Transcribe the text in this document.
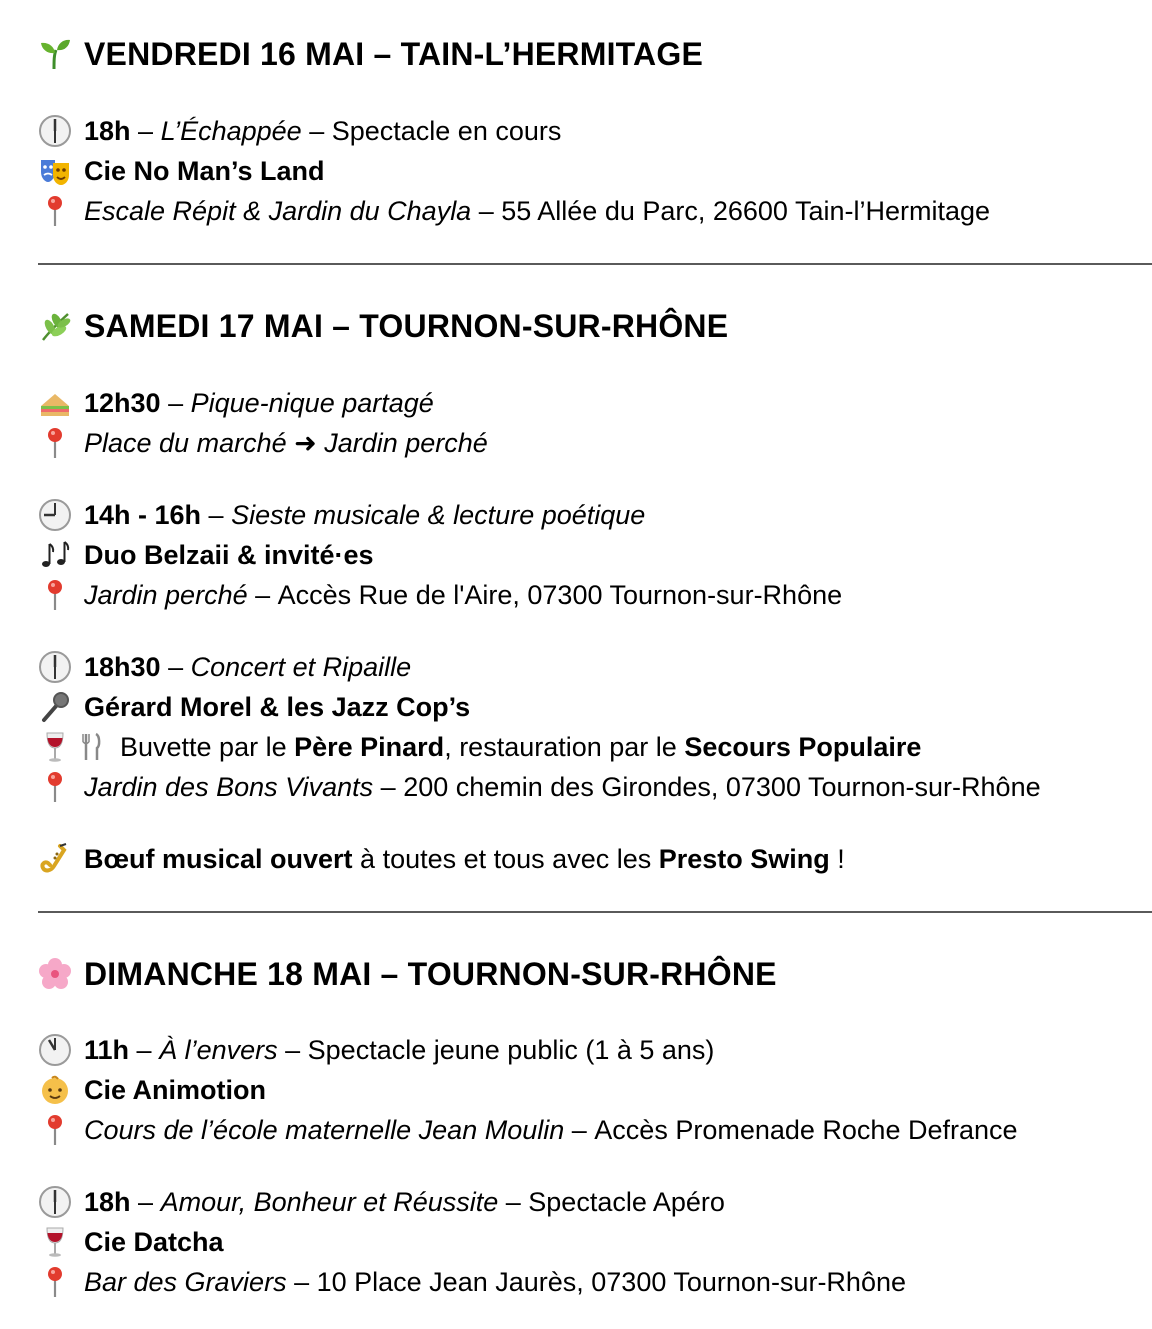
VENDREDI 16 MAI – TAIN-L’HERMITAGE
18h – L’Échappée – Spectacle en cours
Cie No Man’s Land
Escale Répit & Jardin du Chayla – 55 Allée du Parc, 26600 Tain-l’Hermitage
SAMEDI 17 MAI – TOURNON-SUR-RHÔNE
12h30 – Pique-nique partagé
Place du marché ➜ Jardin perché
14h - 16h – Sieste musicale & lecture poétique
Duo Belzaii & invité·es
Jardin perché – Accès Rue de l'Aire, 07300 Tournon-sur-Rhône
18h30 – Concert et Ripaille
Gérard Morel & les Jazz Cop’s
Buvette par le Père Pinard , restauration par le Secours Populaire
Jardin des Bons Vivants – 200 chemin des Gironde​s, 07300 Tournon-sur-Rhône
Bœuf musical ouvert à toutes et tous avec les Presto Swing !
DIMANCHE 18 MAI – TOURNON-SUR-RHÔNE
11h – À l’envers – Spectacle jeune public (1 à 5 ans)
Cie Animotion
Cours de l’école maternelle Jean Moulin – Accès Promenade Roche Defrance
18h – Amour, Bonheur et Réussite – Spectacle Apéro
Cie Datcha
Bar des Graviers – 10 Place Jean Jaurès, 07300 Tournon-sur-Rhône
